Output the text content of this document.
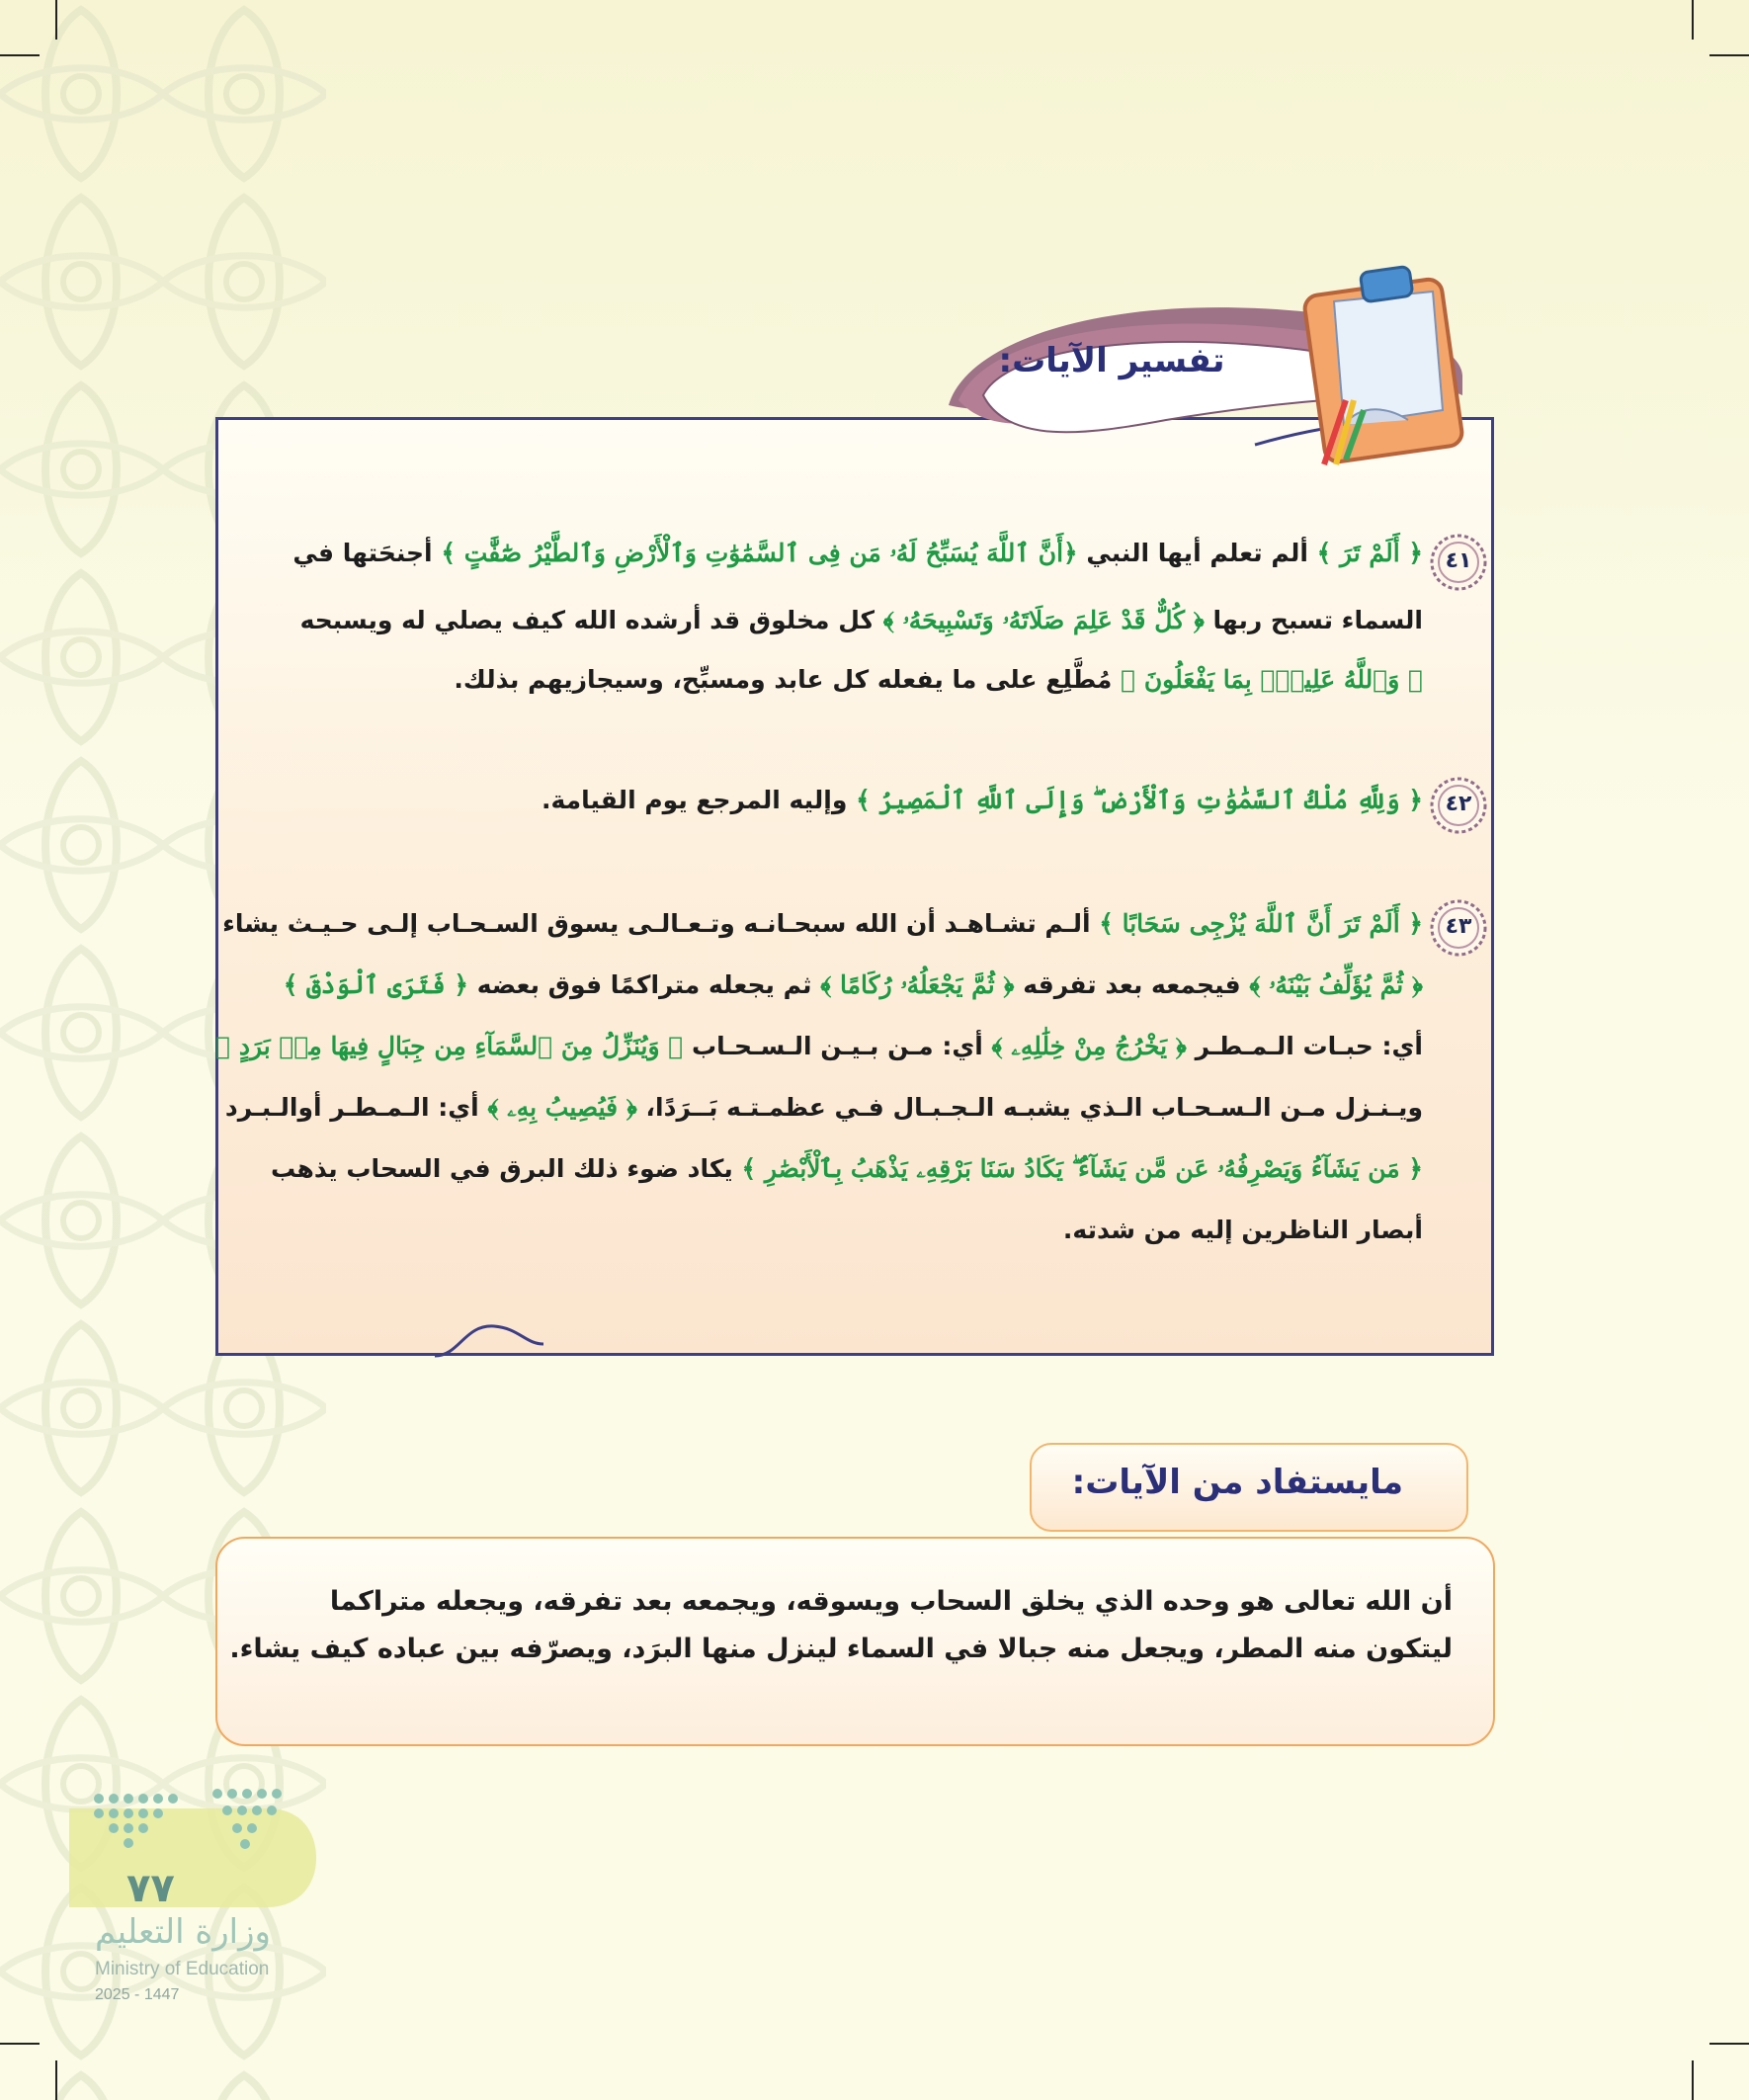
تفسير الآيات:
٤١
٤٢
٤٣
﴿ أَلَمْ تَرَ ﴾ ألم تعلم أيها النبي ﴿أَنَّ ٱللَّهَ يُسَبِّحُ لَهُۥ مَن فِى ٱلسَّمَٰوَٰتِ وَٱلْأَرْضِ وَٱلطَّيْرُ صَٰٓفَّٰتٍ ﴾ أجنحَتها في
السماء تسبح ربها ﴿ كُلٌّ قَدْ عَلِمَ صَلَاتَهُۥ وَتَسْبِيحَهُۥ ﴾ كل مخلوق قد أرشده الله كيف يصلي له ويسبحه
﴿ وَٱللَّهُ عَلِيمٌۢ بِمَا يَفْعَلُونَ ﴾ مُطَّلِع على ما يفعله كل عابد ومسبِّح، وسيجازيهم بذلك.
﴿ وَلِلَّهِ مُلْكُ ٱلسَّمَٰوَٰتِ وَٱلْأَرْضِ ۖ وَإِلَى ٱللَّهِ ٱلْمَصِيرُ ﴾ وإليه المرجع يوم القيامة.
﴿ أَلَمْ تَرَ أَنَّ ٱللَّهَ يُزْجِى سَحَابًا ﴾ ألـم تشـاهـد أن الله سبحـانـه وتـعـالـى يسوق السـحـاب إلـى حـيـث يشاء
﴿ ثُمَّ يُؤَلِّفُ بَيْنَهُۥ ﴾ فيجمعه بعد تفرقه ﴿ ثُمَّ يَجْعَلُهُۥ رُكَامًا ﴾ ثم يجعله متراكمًا فوق بعضه ﴿ فَتَرَى ٱلْوَدْقَ ﴾
أي: حبـات الـمـطـر ﴿ يَخْرُجُ مِنْ خِلَٰلِهِۦ ﴾ أي: مـن بـيـن الـسـحـاب ﴿ وَيُنَزِّلُ مِنَ ٱلسَّمَآءِ مِن جِبَالٍ فِيهَا مِنۢ بَرَدٍ ﴾
ويـنـزل مـن الـسـحـاب الـذي يشبـه الـجـبـال فـي عظمـتـه بَــرَدًا، ﴿ فَيُصِيبُ بِهِۦ ﴾ أي: الـمـطـر أوالـبـرد
﴿ مَن يَشَآءُ وَيَصْرِفُهُۥ عَن مَّن يَشَآءُ ۖ يَكَادُ سَنَا بَرْقِهِۦ يَذْهَبُ بِٱلْأَبْصَٰرِ ﴾ يكاد ضوء ذلك البرق في السحاب يذهب
أبصار الناظرين إليه من شدته.
مايستفاد من الآيات:
أن الله تعالى هو وحده الذي يخلق السحاب ويسوقه، ويجمعه بعد تفرقه، ويجعله متراكما
ليتكون منه المطر، ويجعل منه جبالا في السماء لينزل منها البرَد، ويصرّفه بين عباده كيف يشاء.
٧٧
وزارة التعليم
Ministry of Education
2025 - 1447
